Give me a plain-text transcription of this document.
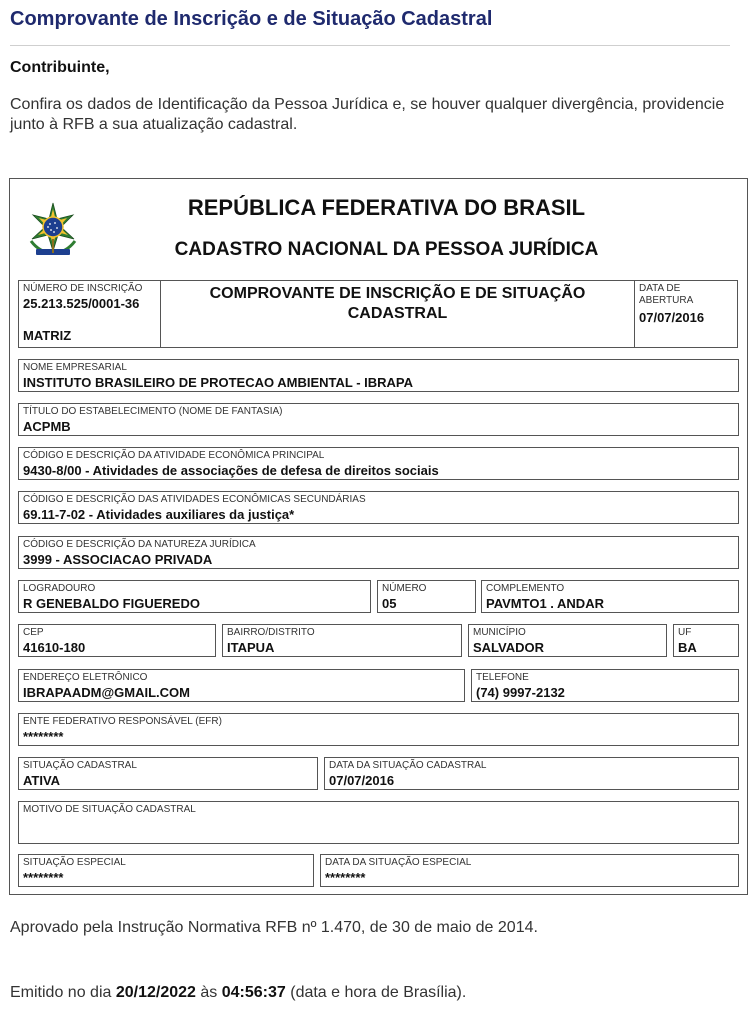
Comprovante de Inscrição e de Situação Cadastral
Contribuinte,
Confira os dados de Identificação da Pessoa Jurídica e, se houver qualquer divergência, providencie junto à RFB a sua atualização cadastral.
REPÚBLICA FEDERATIVA DO BRASIL
CADASTRO NACIONAL DA PESSOA JURÍDICA
NÚMERO DE INSCRIÇÃO
25.213.525/0001-36
MATRIZ
COMPROVANTE DE INSCRIÇÃO E DE SITUAÇÃO CADASTRAL
DATA DE ABERTURA
07/07/2016
NOME EMPRESARIAL
INSTITUTO BRASILEIRO DE PROTECAO AMBIENTAL - IBRAPA
TÍTULO DO ESTABELECIMENTO (NOME DE FANTASIA)
ACPMB
CÓDIGO E DESCRIÇÃO DA ATIVIDADE ECONÔMICA PRINCIPAL
9430-8/00 - Atividades de associações de defesa de direitos sociais
CÓDIGO E DESCRIÇÃO DAS ATIVIDADES ECONÔMICAS SECUNDÁRIAS
69.11-7-02 - Atividades auxiliares da justiça*
CÓDIGO E DESCRIÇÃO DA NATUREZA JURÍDICA
3999 - ASSOCIACAO PRIVADA
LOGRADOURO
R GENEBALDO FIGUEREDO
NÚMERO
05
COMPLEMENTO
PAVMTO1 . ANDAR
CEP
41610-180
BAIRRO/DISTRITO
ITAPUA
MUNICÍPIO
SALVADOR
UF
BA
ENDEREÇO ELETRÔNICO
IBRAPAADM@GMAIL.COM
TELEFONE
(74) 9997-2132
ENTE FEDERATIVO RESPONSÁVEL (EFR)
********
SITUAÇÃO CADASTRAL
ATIVA
DATA DA SITUAÇÃO CADASTRAL
07/07/2016
MOTIVO DE SITUAÇÃO CADASTRAL
SITUAÇÃO ESPECIAL
********
DATA DA SITUAÇÃO ESPECIAL
********
Aprovado pela Instrução Normativa RFB nº 1.470, de 30 de maio de 2014.
Emitido no dia 20/12/2022 às 04:56:37 (data e hora de Brasília).
